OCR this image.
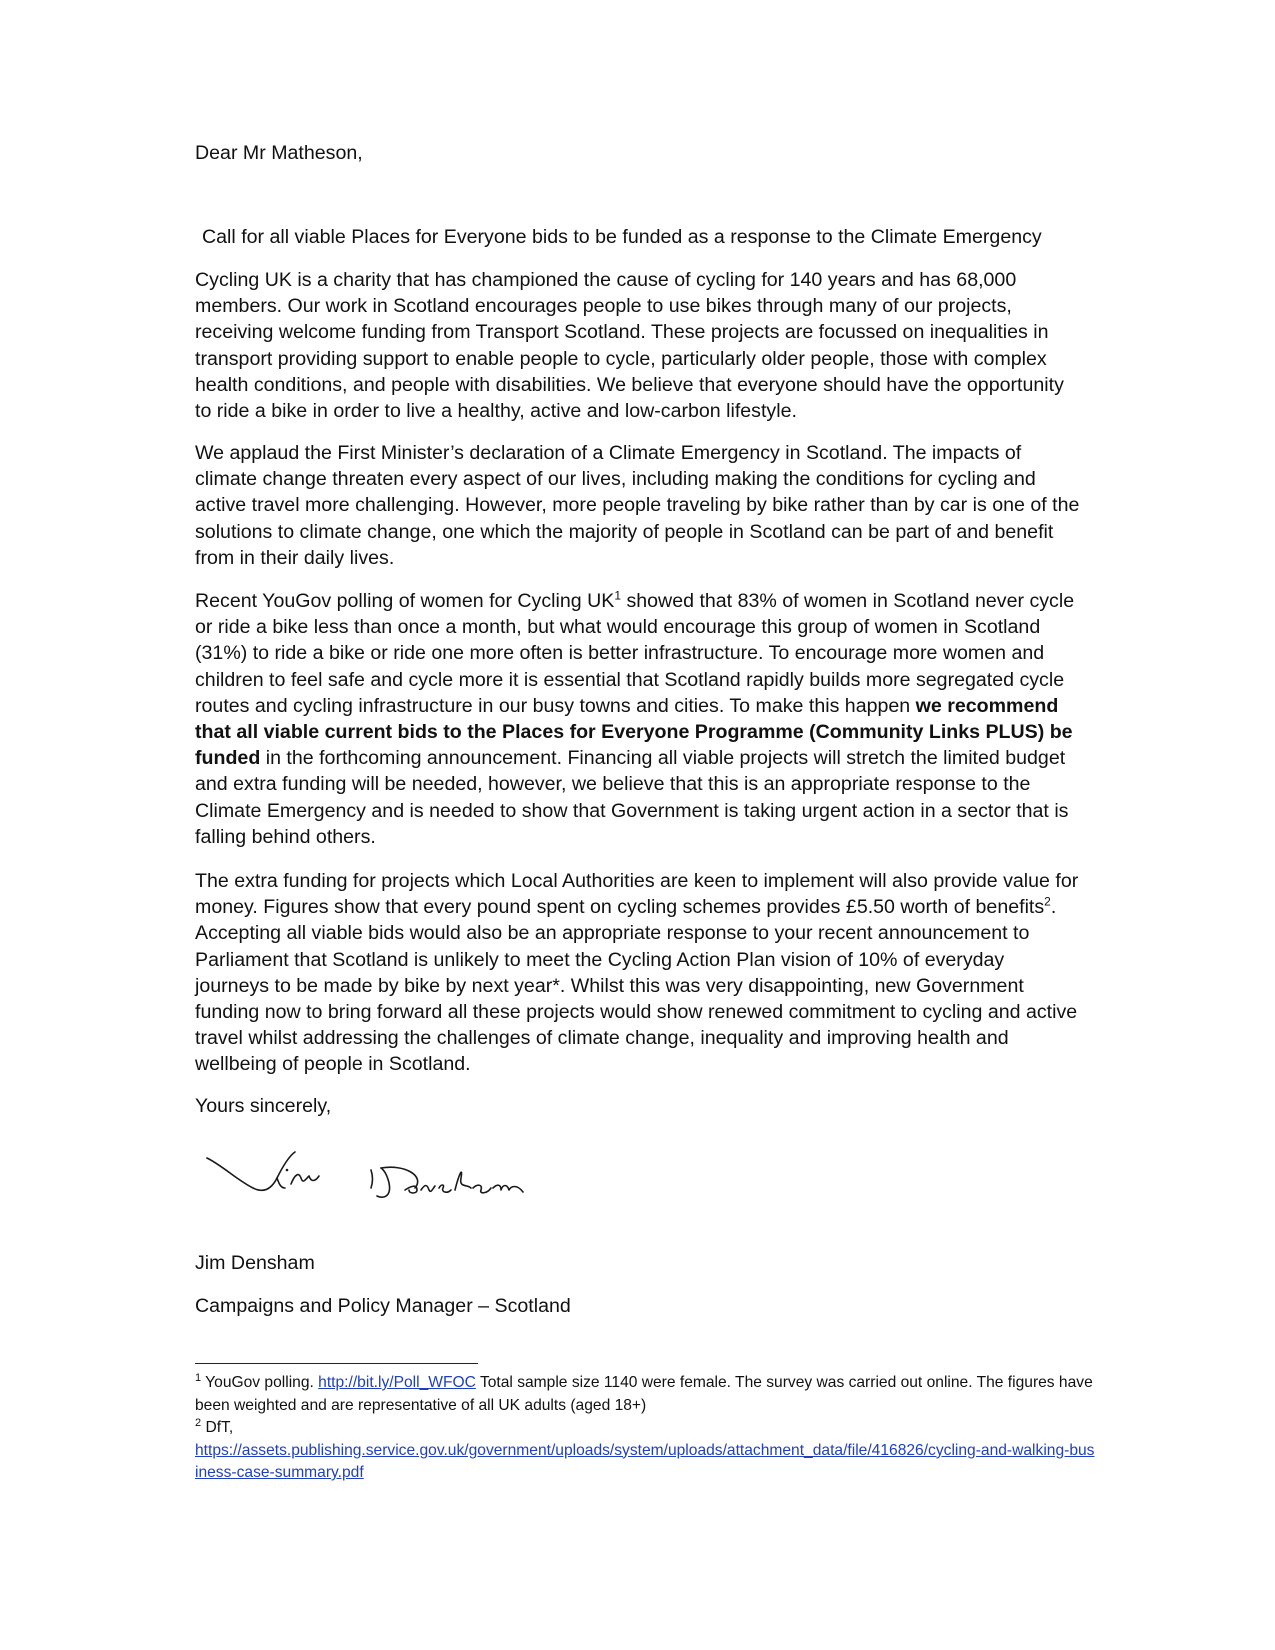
Dear Mr Matheson,

Call for all viable Places for Everyone bids to be funded as a response to the Climate Emergency

Cycling UK is a charity that has championed the cause of cycling for 140 years and has 68,000 members. Our work in Scotland encourages people to use bikes through many of our projects, receiving welcome funding from Transport Scotland. These projects are focussed on inequalities in transport providing support to enable people to cycle, particularly older people, those with complex health conditions, and people with disabilities. We believe that everyone should have the opportunity to ride a bike in order to live a healthy, active and low-carbon lifestyle.

We applaud the First Minister’s declaration of a Climate Emergency in Scotland. The impacts of climate change threaten every aspect of our lives, including making the conditions for cycling and active travel more challenging. However, more people traveling by bike rather than by car is one of the solutions to climate change, one which the majority of people in Scotland can be part of and benefit from in their daily lives.

Recent YouGov polling of women for Cycling $UK^1$ showed that 83% of women in Scotland never cycle or ride a bike less than once a month, but what would encourage this group of women in Scotland (31%) to ride a bike or ride one more often is better infrastructure. To encourage more women and children to feel safe and cycle more it is essential that Scotland rapidly builds more segregated cycle routes and cycling infrastructure in our busy towns and cities. To make this happen we recommend that all viable current bids to the Places for Everyone Programme (Community Links PLUS) be funded in the forthcoming announcement. Financing all viable projects will stretch the limited budget and extra funding will be needed, however, we believe that this is an appropriate response to the Climate Emergency and is needed to show that Government is taking urgent action in a sector that is falling behind others.

The extra funding for projects which Local Authorities are keen to implement will also provide value for money. Figures show that every pound spent on cycling schemes provides £5.50 worth of benefits$^2$. Accepting all viable bids would also be an appropriate response to your recent announcement to Parliament that Scotland is unlikely to meet the Cycling Action Plan vision of 10% of everyday journeys to be made by bike by next year*. Whilst this was very disappointing, new Government funding now to bring forward all these projects would show renewed commitment to cycling and active travel whilst addressing the challenges of climate change, inequality and improving health and wellbeing of people in Scotland.

Yours sincerely,

Jim Densham

Campaigns and Policy Manager – Scotland

$^1$ YouGov polling. http://bit.ly/Poll_WFOC Total sample size 1140 were female. The survey was carried out online. The figures have been weighted and are representative of all UK adults (aged 18+)
$^2$ DfT,
https://assets.publishing.service.gov.uk/government/uploads/system/uploads/attachment_data/file/416826/cycling-and-walking-business-case-summary.pdf
